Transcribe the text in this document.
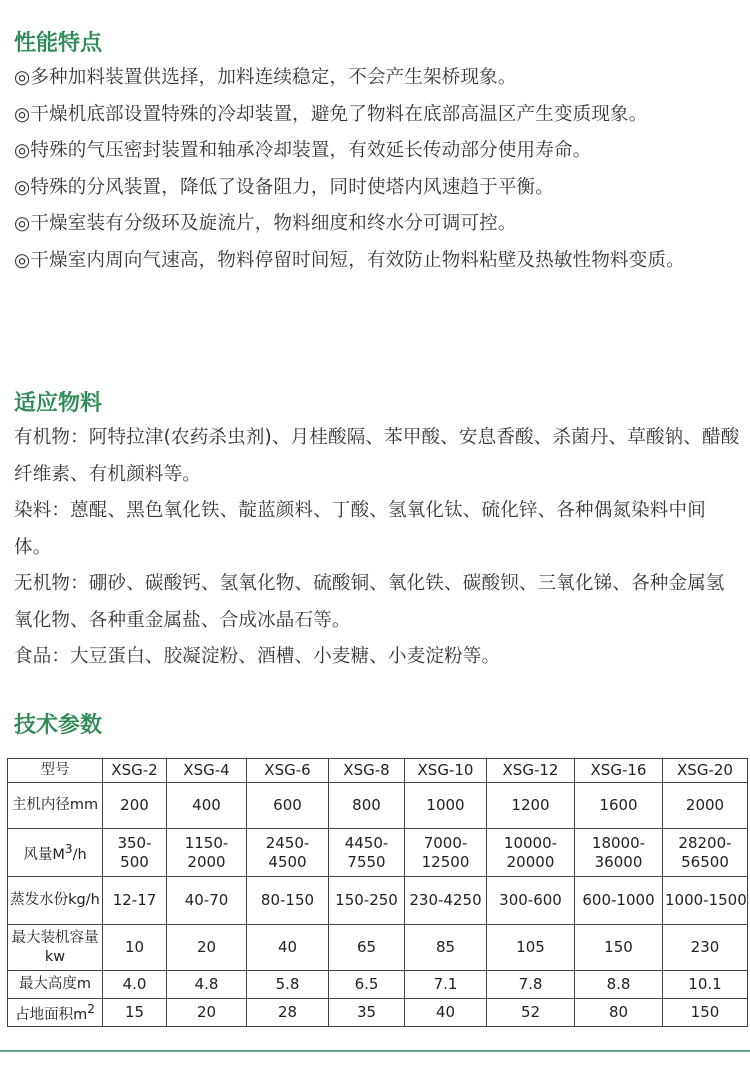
性能特点

◎多种加料装置供选择，加料连续稳定，不会产生架桥现象。

◎干燥机底部设置特殊的冷却装置，避免了物料在底部高温区产生变质现象。

◎特殊的气压密封装置和轴承冷却装置，有效延长传动部分使用寿命。

◎特殊的分风装置，降低了设备阻力，同时使塔内风速趋于平衡。

◎干燥室装有分级环及旋流片，物料细度和终水分可调可控。

◎干燥室内周向气速高，物料停留时间短，有效防止物料粘壁及热敏性物料变质。

适应物料

有机物：阿特拉津(农药杀虫剂)、月桂酸隔、苯甲酸、安息香酸、杀菌丹、草酸钠、醋酸纤维素、有机颜料等。

染料：蒽醌、黑色氧化铁、靛蓝颜料、丁酸、氢氧化钛、硫化锌、各种偶氮染料中间体。

无机物：硼砂、碳酸钙、氢氧化物、硫酸铜、氧化铁、碳酸钡、三氧化锑、各种金属氢氧化物、各种重金属盐、合成冰晶石等。

食品：大豆蛋白、胶凝淀粉、酒槽、小麦糖、小麦淀粉等。

技术参数
型号	XSG-2	XSG-4	XSG-6	XSG-8	XSG-10	XSG-12	XSG-16	XSG-20
主机内径mm	200	400	600	800	1000	1200	1600	2000
风量$M^3/h$	350-500	1150-2000	2450-4500	4450-7550	7000-12500	10000-20000	18000-36000	28200-56500
蒸发水份kg/h	12-17	40-70	80-150	150-250	230-4250	300-600	600-1000	1000-1500
最大装机容量kw	10	20	40	65	85	105	150	230
最大高度m	4.0	4.8	5.8	6.5	7.1	7.8	8.8	10.1
占地面积$m^2$	15	20	28	35	40	52	80	150
